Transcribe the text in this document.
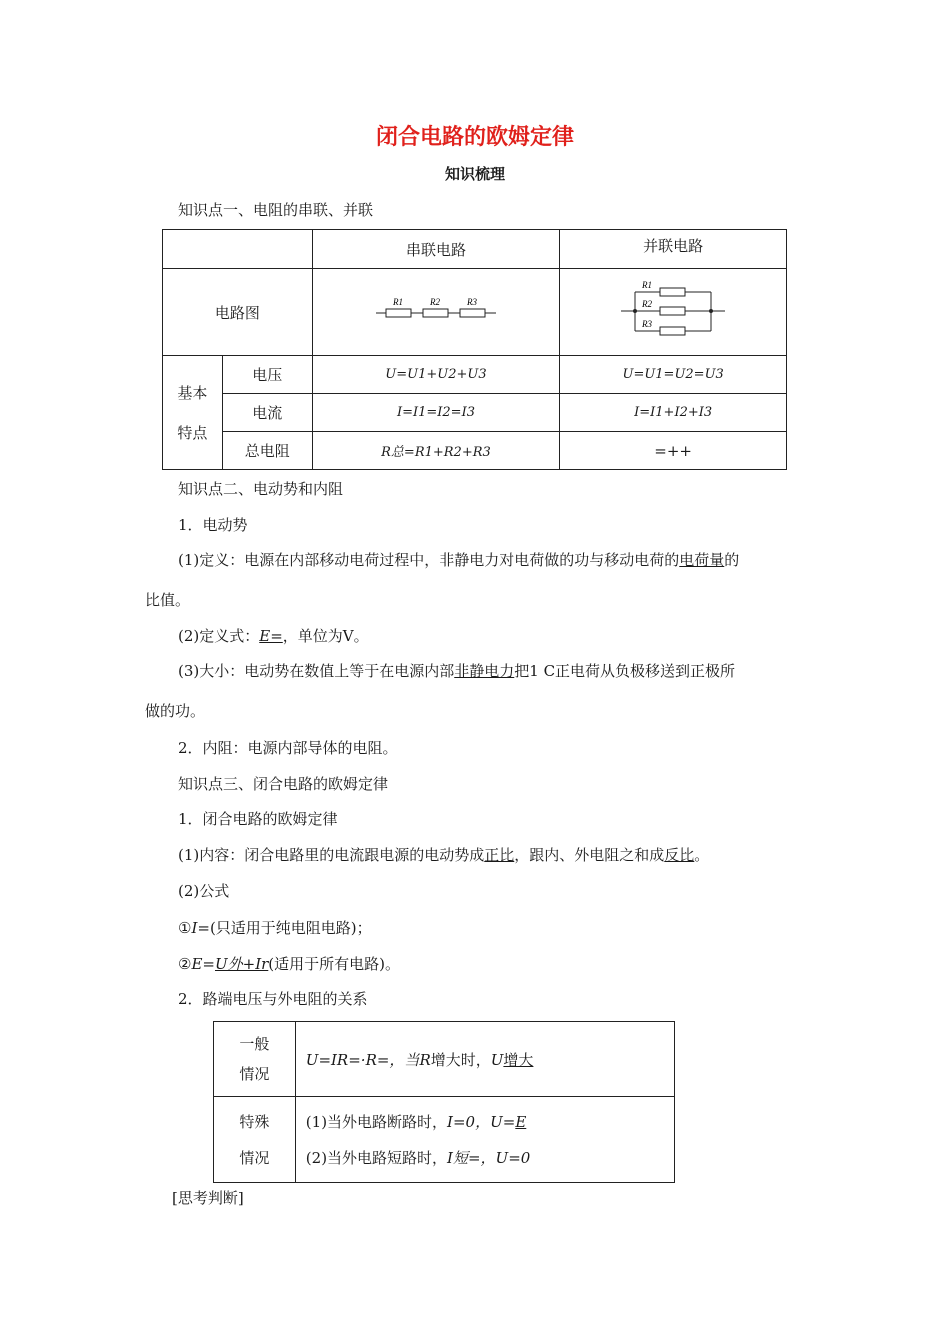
闭合电路的欧姆定律
知识梳理
知识点一、电阻的串联、并联
		串联电路	并联电路
电路图		R1 R2 R3	R1
R2
R3

基本
特点	电压	U=U1+U2+U3	U=U1=U2=U3
	电流	I=I1=I2=I3	I=I1+I2+I3
	总电阻	R总=R1+R2+R3	=++
知识点二、电动势和内阻
1．电动势
(1)定义：电源在内部移动电荷过程中，非静电力对电荷做的功与移动电荷的电荷量的
比值。
(2)定义式：E=，单位为V。
(3)大小：电动势在数值上等于在电源内部非静电力把1 C正电荷从负极移送到正极所
做的功。
2．内阻：电源内部导体的电阻。
知识点三、闭合电路的欧姆定律
1．闭合电路的欧姆定律
(1)内容：闭合电路里的电流跟电源的电动势成正比，跟内、外电阻之和成反比。
(2)公式
①I=(只适用于纯电阻电路)；
②E=U外+Ir(适用于所有电路)。
2．路端电压与外电阻的关系
一般
情况	U=IR=·R=，当R增大时，U增大
特殊
情况	(1)当外电路断路时，I=0，U=E
(2)当外电路短路时，I短=，U=0
[思考判断]
